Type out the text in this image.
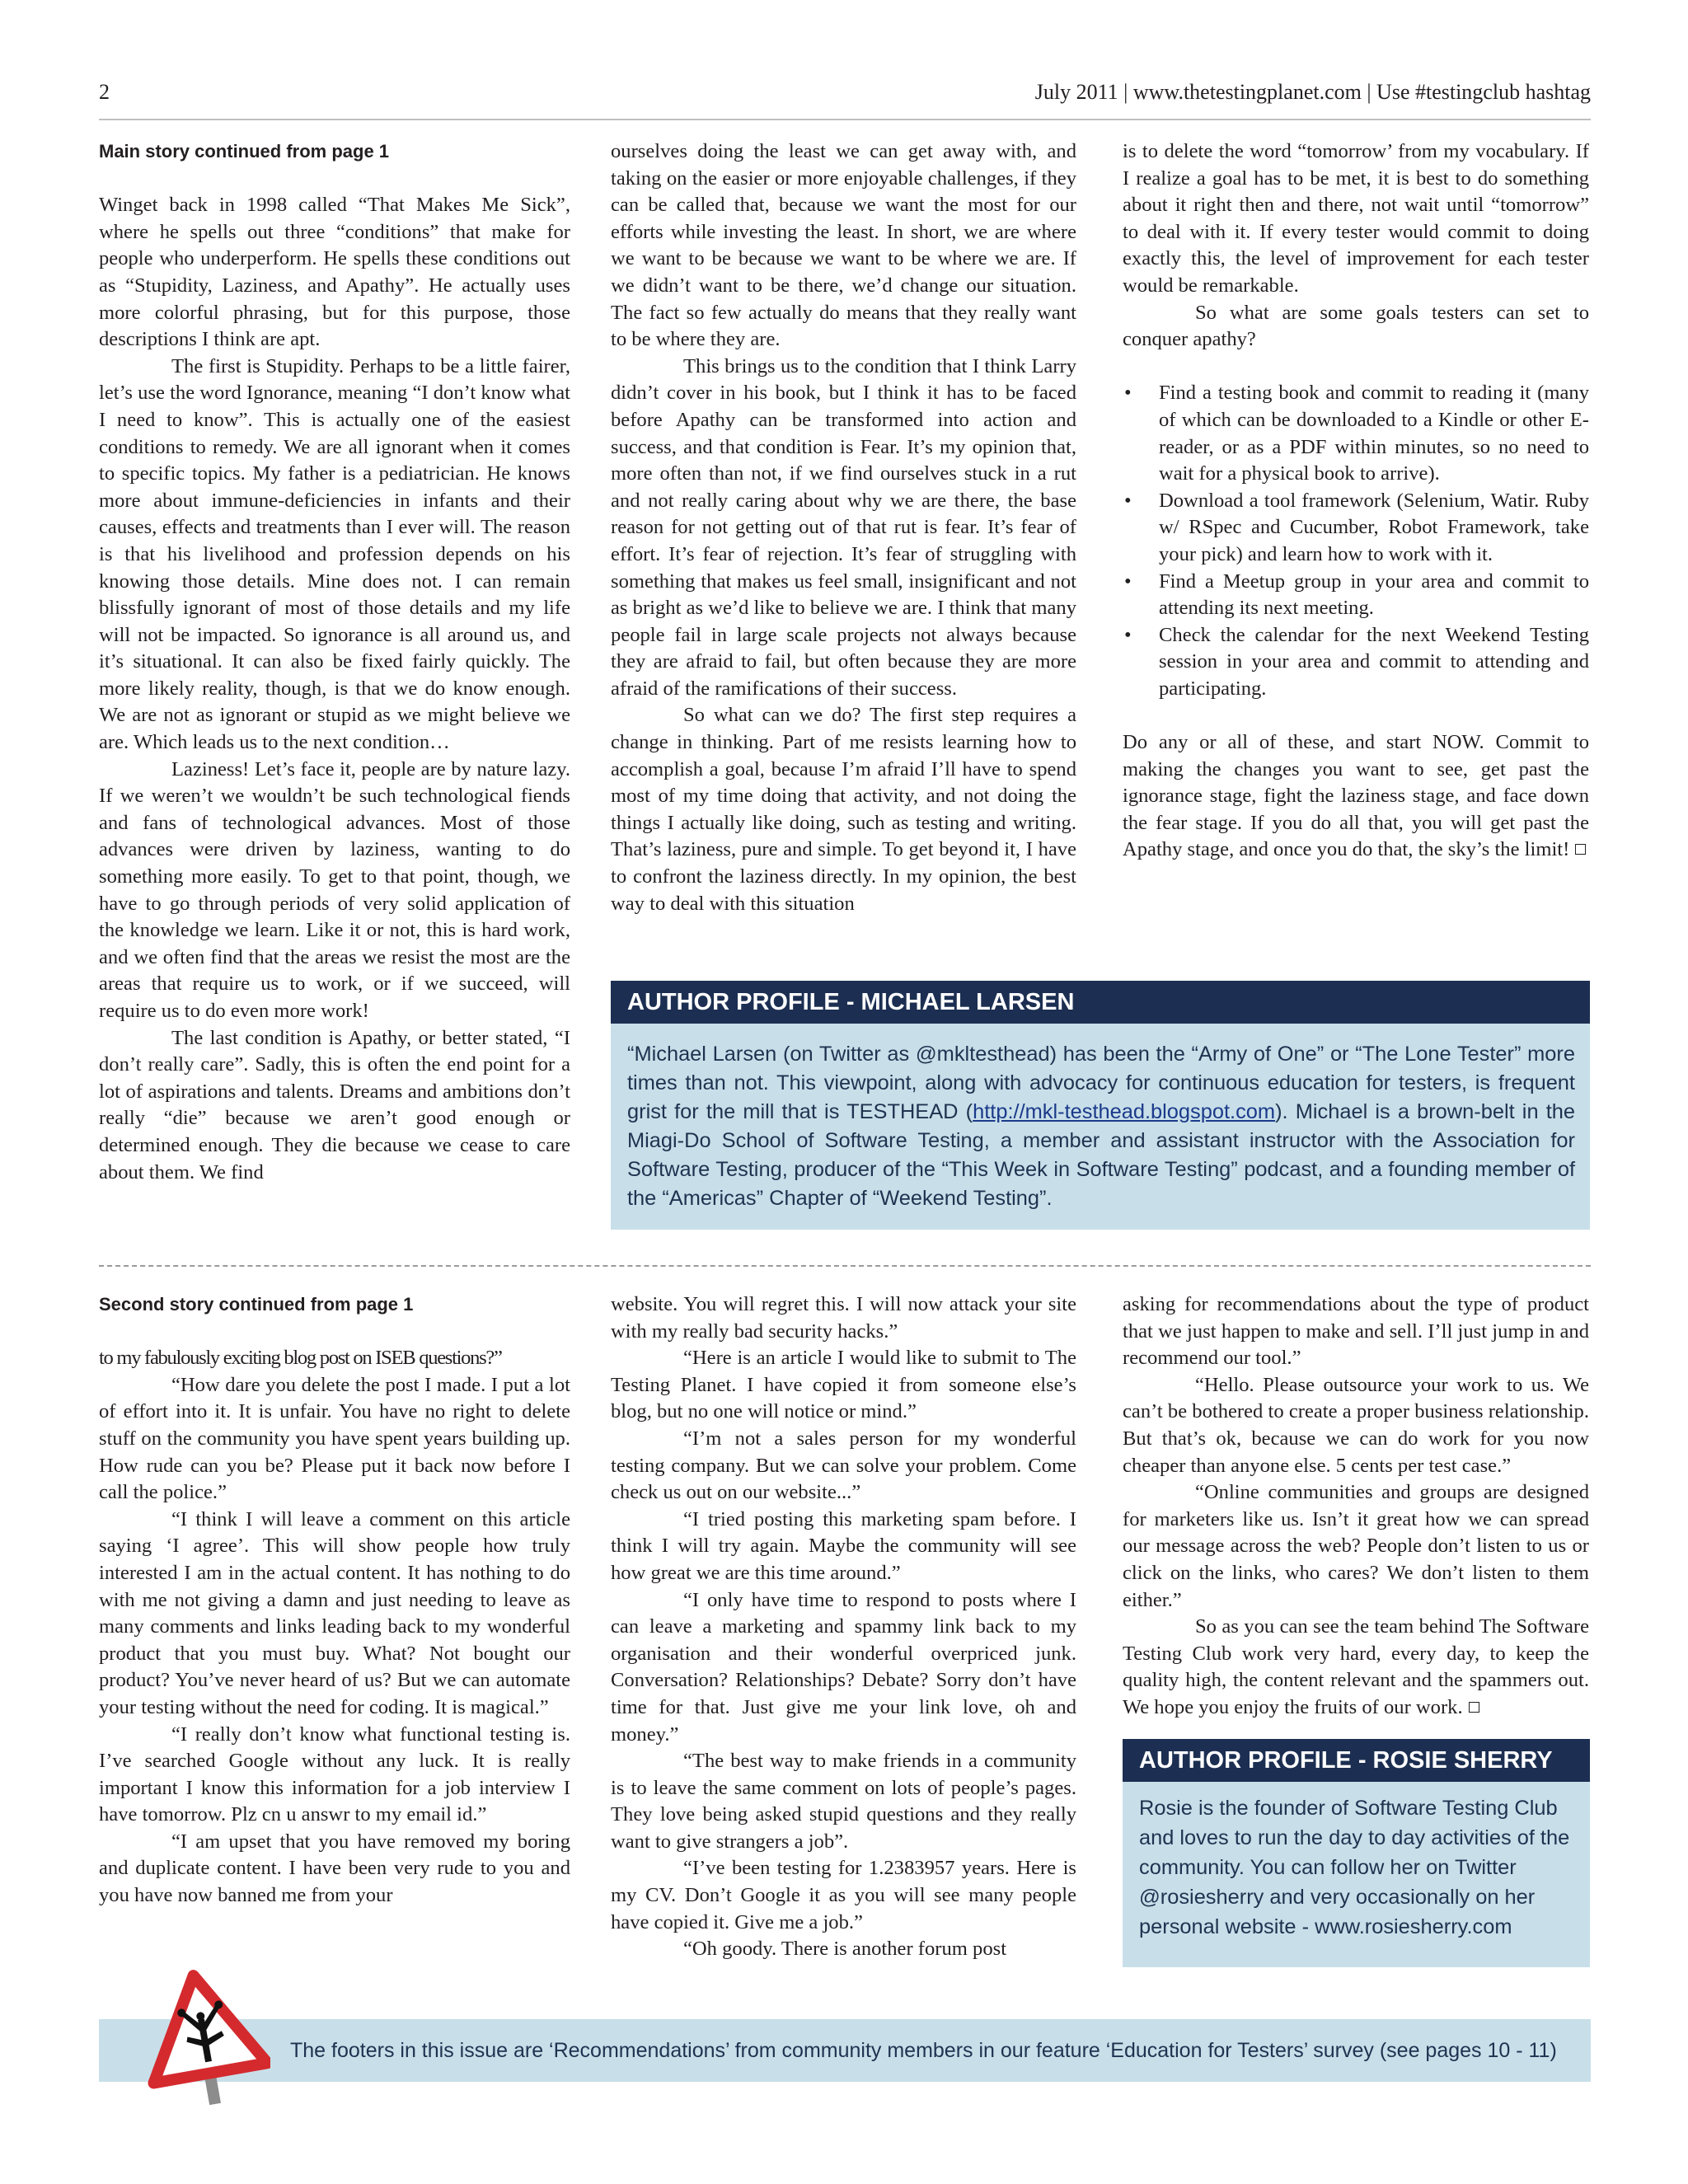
2	July 2011 | www.thetestingplanet.com | Use #testingclub hashtag

Main story continued from page 1

Winget back in 1998 called “That Makes Me Sick”, where he spells out three “conditions” that make for people who underperform. He spells these conditions out as “Stupidity, Laziness, and Apathy”. He actually uses more colorful phrasing, but for this purpose, those descriptions I think are apt.

The first is Stupidity. Perhaps to be a little fairer, let’s use the word Ignorance, meaning “I don’t know what I need to know”. This is actually one of the easiest conditions to remedy. We are all ignorant when it comes to specific topics. My father is a pediatrician. He knows more about immune-deficiencies in infants and their causes, effects and treatments than I ever will. The reason is that his livelihood and profession depends on his knowing those details. Mine does not. I can remain blissfully ignorant of most of those details and my life will not be impacted. So ignorance is all around us, and it’s situational. It can also be fixed fairly quickly. The more likely reality, though, is that we do know enough. We are not as ignorant or stupid as we might believe we are. Which leads us to the next condition…

Laziness! Let’s face it, people are by nature lazy. If we weren’t we wouldn’t be such technological fiends and fans of technological advances. Most of those advances were driven by laziness, wanting to do something more easily. To get to that point, though, we have to go through periods of very solid application of the knowledge we learn. Like it or not, this is hard work, and we often find that the areas we resist the most are the areas that require us to work, or if we succeed, will require us to do even more work!

The last condition is Apathy, or better stated, “I don’t really care”. Sadly, this is often the end point for a lot of aspirations and talents. Dreams and ambitions don’t really “die” because we aren’t good enough or determined enough. They die because we cease to care about them. We find

ourselves doing the least we can get away with, and taking on the easier or more enjoyable challenges, if they can be called that, because we want the most for our efforts while investing the least. In short, we are where we want to be because we want to be where we are. If we didn’t want to be there, we’d change our situation. The fact so few actually do means that they really want to be where they are.

This brings us to the condition that I think Larry didn’t cover in his book, but I think it has to be faced before Apathy can be transformed into action and success, and that condition is Fear. It’s my opinion that, more often than not, if we find ourselves stuck in a rut and not really caring about why we are there, the base reason for not getting out of that rut is fear. It’s fear of effort. It’s fear of rejection. It’s fear of struggling with something that makes us feel small, insignificant and not as bright as we’d like to believe we are. I think that many people fail in large scale projects not always because they are afraid to fail, but often because they are more afraid of the ramifications of their success.

So what can we do? The first step requires a change in thinking. Part of me resists learning how to accomplish a goal, because I’m afraid I’ll have to spend most of my time doing that activity, and not doing the things I actually like doing, such as testing and writing. That’s laziness, pure and simple. To get beyond it, I have to confront the laziness directly. In my opinion, the best way to deal with this situation

is to delete the word “tomorrow’ from my vocabulary. If I realize a goal has to be met, it is best to do something about it right then and there, not wait until “tomorrow” to deal with it. If every tester would commit to doing exactly this, the level of improvement for each tester would be remarkable.

So what are some goals testers can set to conquer apathy?

• Find a testing book and commit to reading it (many of which can be downloaded to a Kindle or other E-reader, or as a PDF within minutes, so no need to wait for a physical book to arrive).
• Download a tool framework (Selenium, Watir. Ruby w/ RSpec and Cucumber, Robot Framework, take your pick) and learn how to work with it.
• Find a Meetup group in your area and commit to attending its next meeting.
• Check the calendar for the next Weekend Testing session in your area and commit to attending and participating.

Do any or all of these, and start NOW. Commit to making the changes you want to see, get past the ignorance stage, fight the laziness stage, and face down the fear stage. If you do all that, you will get past the Apathy stage, and once you do that, the sky’s the limit!

AUTHOR PROFILE - MICHAEL LARSEN
“Michael Larsen (on Twitter as @mkltesthead) has been the “Army of One” or “The Lone Tester” more times than not. This viewpoint, along with advocacy for continuous education for testers, is frequent grist for the mill that is TESTHEAD (http://mkl-testhead.blogspot.com). Michael is a brown-belt in the Miagi-Do School of Software Testing, a member and assistant instructor with the Association for Software Testing, producer of the “This Week in Software Testing” podcast, and a founding member of the “Americas” Chapter of “Weekend Testing”.

Second story continued from page 1

to my fabulously exciting blog post on ISEB questions?”

“How dare you delete the post I made. I put a lot of effort into it. It is unfair. You have no right to delete stuff on the community you have spent years building up. How rude can you be? Please put it back now before I call the police.”

“I think I will leave a comment on this article saying ‘I agree’. This will show people how truly interested I am in the actual content. It has nothing to do with me not giving a damn and just needing to leave as many comments and links leading back to my wonderful product that you must buy. What? Not bought our product? You’ve never heard of us? But we can automate your testing without the need for coding. It is magical.”

“I really don’t know what functional testing is. I’ve searched Google without any luck. It is really important I know this information for a job interview I have tomorrow. Plz cn u answr to my email id.”

“I am upset that you have removed my boring and duplicate content. I have been very rude to you and you have now banned me from your

website. You will regret this. I will now attack your site with my really bad security hacks.”

“Here is an article I would like to submit to The Testing Planet. I have copied it from someone else’s blog, but no one will notice or mind.”

“I’m not a sales person for my wonderful testing company. But we can solve your problem. Come check us out on our website...”

“I tried posting this marketing spam before. I think I will try again. Maybe the community will see how great we are this time around.”

“I only have time to respond to posts where I can leave a marketing and spammy link back to my organisation and their wonderful overpriced junk. Conversation? Relationships? Debate? Sorry don’t have time for that. Just give me your link love, oh and money.”

“The best way to make friends in a community is to leave the same comment on lots of people’s pages. They love being asked stupid questions and they really want to give strangers a job”.

“I’ve been testing for 1.2383957 years. Here is my CV. Don’t Google it as you will see many people have copied it. Give me a job.”

“Oh goody. There is another forum post

asking for recommendations about the type of product that we just happen to make and sell. I’ll just jump in and recommend our tool.”

“Hello. Please outsource your work to us. We can’t be bothered to create a proper business relationship. But that’s ok, because we can do work for you now cheaper than anyone else. 5 cents per test case.”

“Online communities and groups are designed for marketers like us. Isn’t it great how we can spread our message across the web? People don’t listen to us or click on the links, who cares? We don’t listen to them either.”

So as you can see the team behind The Software Testing Club work very hard, every day, to keep the quality high, the content relevant and the spammers out. We hope you enjoy the fruits of our work.

AUTHOR PROFILE - ROSIE SHERRY
Rosie is the founder of Software Testing Club and loves to run the day to day activities of the community. You can follow her on Twitter @rosiesherry and very occasionally on her personal website - www.rosiesherry.com
The footers in this issue are ‘Recommendations’ from community members in our feature ‘Education for Testers’ survey (see pages 10 - 11)
